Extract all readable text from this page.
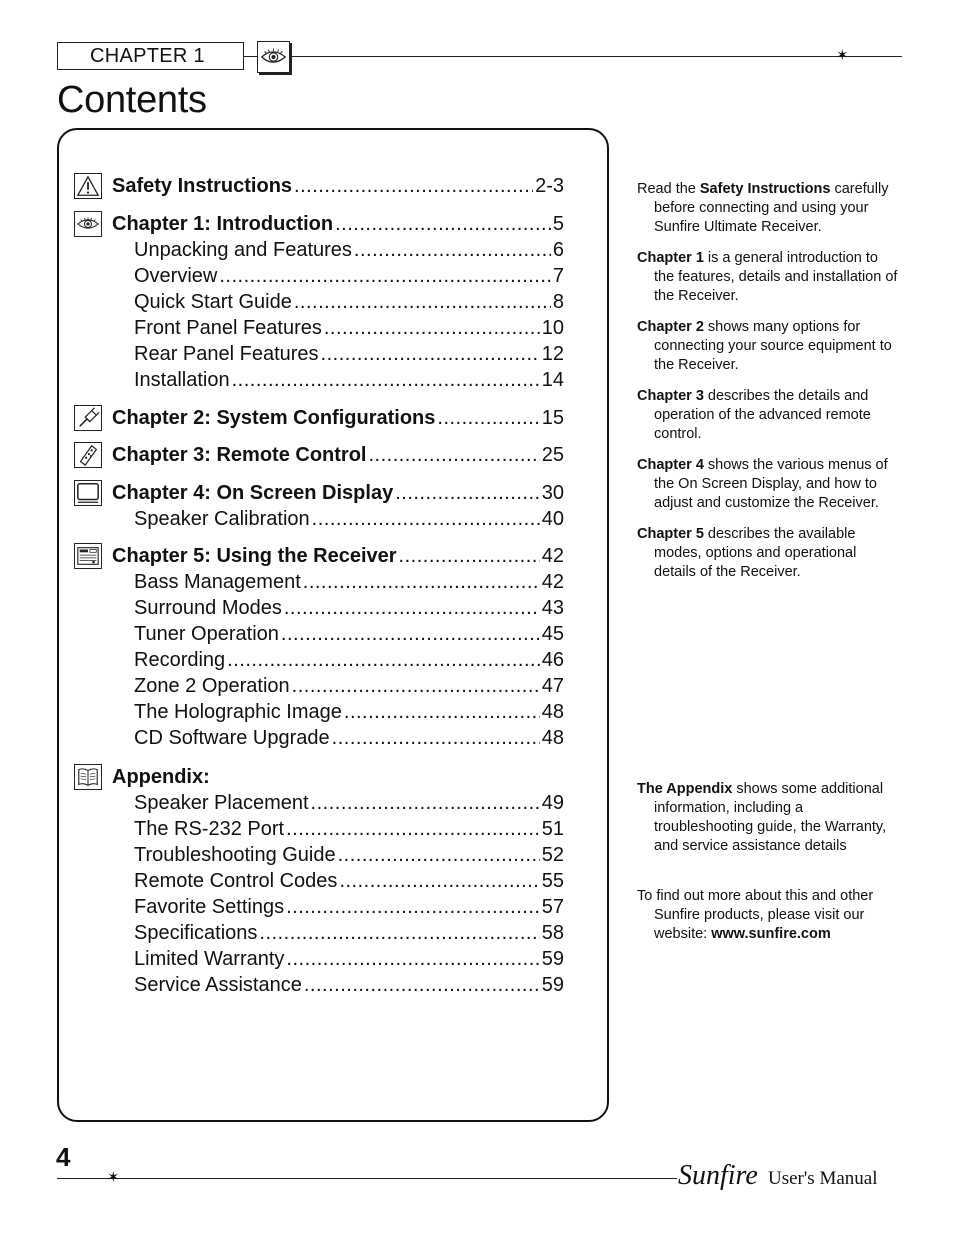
CHAPTER 1	✶
Contents
Safety Instructions .....	2-3
Chapter 1: Introduction .....	5
Unpacking and Features .....	6
Overview .....	7
Quick Start Guide .....	8
Front Panel Features .....	10
Rear Panel Features .....	12
Installation .....	14
Chapter 2: System Configurations .....	15
Chapter 3: Remote Control .....	25
Chapter 4: On Screen Display .....	30
Speaker Calibration .....	40
Chapter 5: Using the Receiver .....	42
Bass Management .....	42
Surround Modes .....	43
Tuner Operation .....	45
Recording .....	46
Zone 2 Operation .....	47
The Holographic Image .....	48
CD Software Upgrade .....	48
Appendix:
Speaker Placement .....	49
The RS-232 Port .....	51
Troubleshooting Guide .....	52
Remote Control Codes .....	55
Favorite Settings .....	57
Specifications .....	58
Limited Warranty .....	59
Service Assistance .....	59

Read the Safety Instructions carefully before connecting and using your Sunfire Ultimate Receiver.

Chapter 1 is a general introduction to the features, details and installation of the Receiver.

Chapter 2 shows many options for connecting your source equipment to the Receiver.

Chapter 3 describes the details and operation of the advanced remote control.

Chapter 4 shows the various menus of the On Screen Display, and how to adjust and customize the Receiver.

Chapter 5 describes the available modes, options and operational details of the Receiver.

The Appendix shows some additional information, including a troubleshooting guide, the Warranty, and service assistance details

To find out more about this and other Sunfire products, please visit our website: www.sunfire.com

4
✶	Sunfire User's Manual
